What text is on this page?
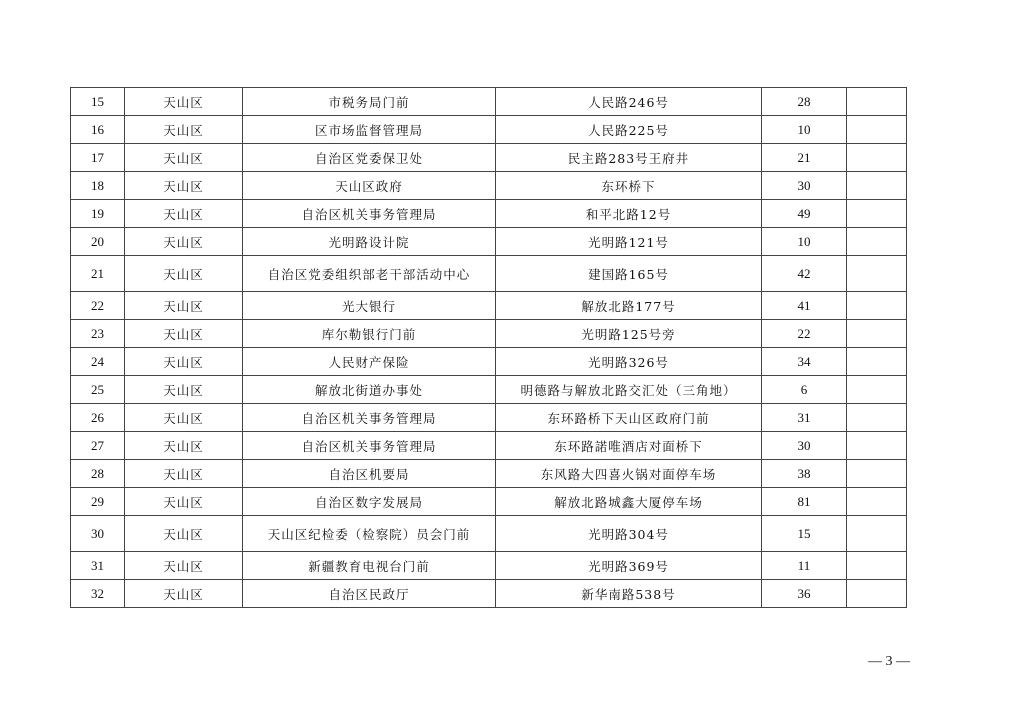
15	天山区	市税务局门前	人民路246号	28	
16	天山区	区市场监督管理局	人民路225号	10	
17	天山区	自治区党委保卫处	民主路283号王府井	21	
18	天山区	天山区政府	东环桥下	30	
19	天山区	自治区机关事务管理局	和平北路12号	49	
20	天山区	光明路设计院	光明路121号	10	
21	天山区	自治区党委组织部老干部活动中心	建国路165号	42	
22	天山区	光大银行	解放北路177号	41	
23	天山区	库尔勒银行门前	光明路125号旁	22	
24	天山区	人民财产保险	光明路326号	34	
25	天山区	解放北街道办事处	明德路与解放北路交汇处（三角地）	6	
26	天山区	自治区机关事务管理局	东环路桥下天山区政府门前	31	
27	天山区	自治区机关事务管理局	东环路諾唯酒店对面桥下	30	
28	天山区	自治区机要局	东风路大四喜火锅对面停车场	38	
29	天山区	自治区数字发展局	解放北路城鑫大厦停车场	81	
30	天山区	天山区纪检委（检察院）员会门前	光明路304号	15	
31	天山区	新疆教育电视台门前	光明路369号	11	
32	天山区	自治区民政厅	新华南路538号	36	
— 3 —
